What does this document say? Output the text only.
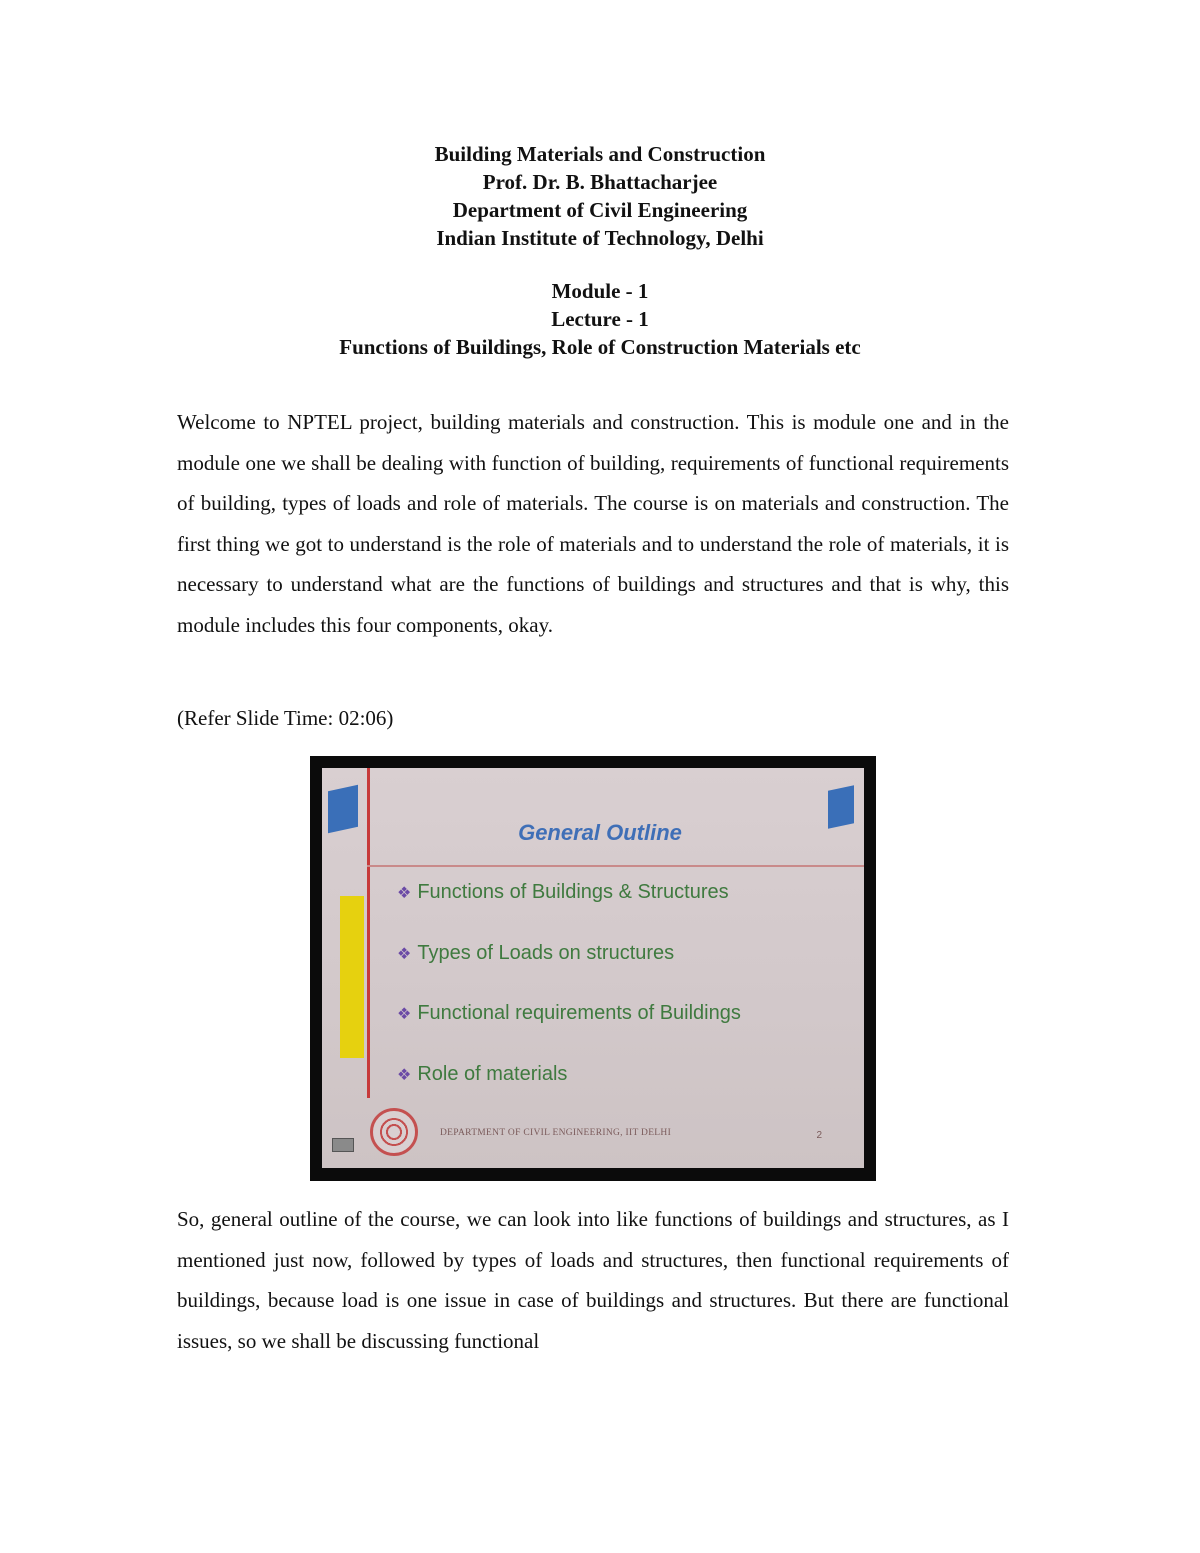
Building Materials and Construction
Prof. Dr. B. Bhattacharjee
Department of Civil Engineering
Indian Institute of Technology, Delhi
Module - 1
Lecture - 1
Functions of Buildings, Role of Construction Materials etc

Welcome to NPTEL project, building materials and construction. This is module one and in the module one we shall be dealing with function of building, requirements of functional requirements of building, types of loads and role of materials. The course is on materials and construction. The first thing we got to understand is the role of materials and to understand the role of materials, it is necessary to understand what are the functions of buildings and structures and that is why, this module includes this four components, okay.

(Refer Slide Time: 02:06)

General Outline
❖ Functions of Buildings & Structures
❖ Types of Loads on structures
❖ Functional requirements of Buildings
❖ Role of materials
DEPARTMENT OF CIVIL ENGINEERING, IIT DELHI	2

So, general outline of the course, we can look into like functions of buildings and structures, as I mentioned just now, followed by types of loads and structures, then functional requirements of buildings, because load is one issue in case of buildings and structures. But there are functional issues, so we shall be discussing functional
